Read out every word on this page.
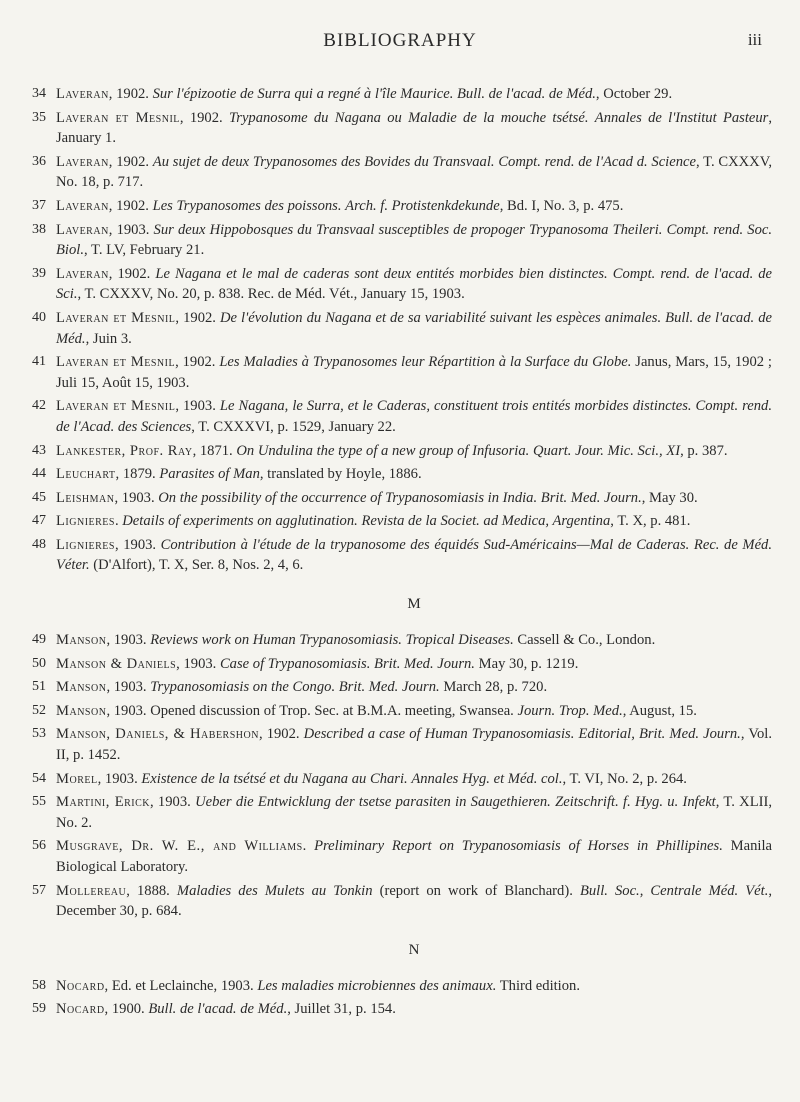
BIBLIOGRAPHY	iii
34 Laveran, 1902. Sur l'épizootie de Surra qui a regné à l'île Maurice. Bull. de l'acad. de Méd., October 29.
35 Laveran et Mesnil, 1902. Trypanosome du Nagana ou Maladie de la mouche tsétsé. Annales de l'Institut Pasteur, January 1.
36 Laveran, 1902. Au sujet de deux Trypanosomes des Bovides du Transvaal. Compt. rend. de l'Acad d. Science, T. CXXXV, No. 18, p. 717.
37 Laveran, 1902. Les Trypanosomes des poissons. Arch. f. Protistenkdekunde, Bd. I, No. 3, p. 475.
38 Laveran, 1903. Sur deux Hippobosques du Transvaal susceptibles de propoger Trypanosoma Theileri. Compt. rend. Soc. Biol., T. LV, February 21.
39 Laveran, 1902. Le Nagana et le mal de caderas sont deux entités morbides bien distinctes. Compt. rend. de l'acad. de Sci., T. CXXXV, No. 20, p. 838. Rec. de Méd. Vét., January 15, 1903.
40 Laveran et Mesnil, 1902. De l'évolution du Nagana et de sa variabilité suivant les espèces animales. Bull. de l'acad. de Méd., Juin 3.
41 Laveran et Mesnil, 1902. Les Maladies à Trypanosomes leur Répartition à la Surface du Globe. Janus, Mars, 15, 1902 ; Juli 15, Août 15, 1903.
42 Laveran et Mesnil, 1903. Le Nagana, le Surra, et le Caderas, constituent trois entités morbides distinctes. Compt. rend. de l'Acad. des Sciences, T. CXXXVI, p. 1529, January 22.
43 Lankester, Prof. Ray, 1871. On Undulina the type of a new group of Infusoria. Quart. Jour. Mic. Sci., XI, p. 387.
44 Leuchart, 1879. Parasites of Man, translated by Hoyle, 1886.
45 Leishman, 1903. On the possibility of the occurrence of Trypanosomiasis in India. Brit. Med. Journ., May 30.
47 Lignieres. Details of experiments on agglutination. Revista de la Societ. ad Medica, Argentina, T. X, p. 481.
48 Lignieres, 1903. Contribution à l'étude de la trypanosome des équidés Sud-Américains—Mal de Caderas. Rec. de Méd. Véter. (D'Alfort), T. X, Ser. 8, Nos. 2, 4, 6.
M
49 Manson, 1903. Reviews work on Human Trypanosomiasis. Tropical Diseases. Cassell & Co., London.
50 Manson & Daniels, 1903. Case of Trypanosomiasis. Brit. Med. Journ. May 30, p. 1219.
51 Manson, 1903. Trypanosomiasis on the Congo. Brit. Med. Journ. March 28, p. 720.
52 Manson, 1903. Opened discussion of Trop. Sec. at B.M.A. meeting, Swansea. Journ. Trop. Med., August, 15.
53 Manson, Daniels, & Habershon, 1902. Described a case of Human Trypanosomiasis. Editorial, Brit. Med. Journ., Vol. II, p. 1452.
54 Morel, 1903. Existence de la tsétsé et du Nagana au Chari. Annales Hyg. et Méd. col., T. VI, No. 2, p. 264.
55 Martini, Erick, 1903. Ueber die Entwicklung der tsetse parasiten in Saugethieren. Zeitschrift. f. Hyg. u. Infekt, T. XLII, No. 2.
56 Musgrave, Dr. W. E., and Williams. Preliminary Report on Trypanosomiasis of Horses in Phillipines. Manila Biological Laboratory.
57 Mollereau, 1888. Maladies des Mulets au Tonkin (report on work of Blanchard). Bull. Soc., Centrale Méd. Vét., December 30, p. 684.
N
58 Nocard, Ed. et Leclainche, 1903. Les maladies microbiennes des animaux. Third edition.
59 Nocard, 1900. Bull. de l'acad. de Méd., Juillet 31, p. 154.
